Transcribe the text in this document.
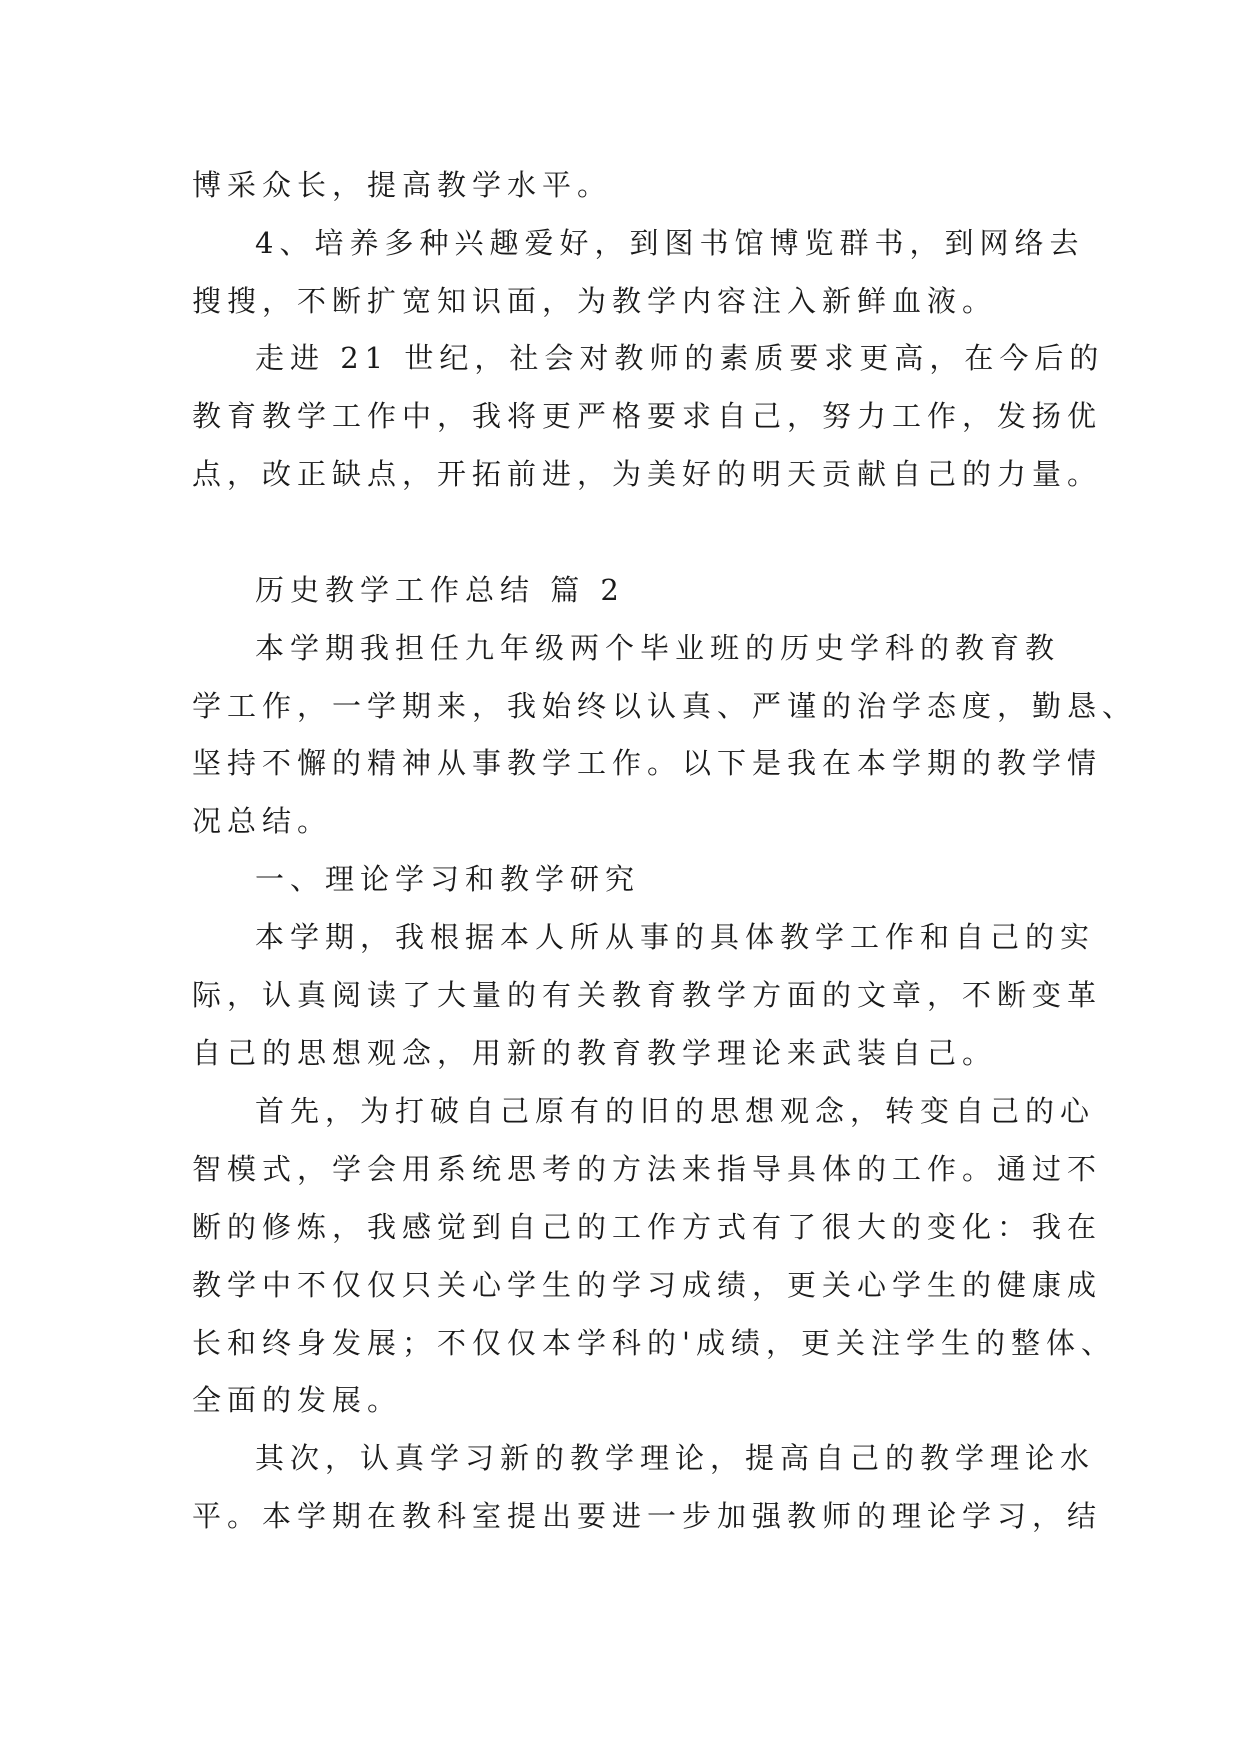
博采众长，提高教学水平。
4、培养多种兴趣爱好，到图书馆博览群书，到网络去
搜搜，不断扩宽知识面，为教学内容注入新鲜血液。
走进 21 世纪，社会对教师的素质要求更高，在今后的
教育教学工作中，我将更严格要求自己，努力工作，发扬优
点，改正缺点，开拓前进，为美好的明天贡献自己的力量。
历史教学工作总结 篇 2
本学期我担任九年级两个毕业班的历史学科的教育教
学工作，一学期来，我始终以认真、严谨的治学态度，勤恳、
坚持不懈的精神从事教学工作。以下是我在本学期的教学情
况总结。
一、理论学习和教学研究
本学期，我根据本人所从事的具体教学工作和自己的实
际，认真阅读了大量的有关教育教学方面的文章，不断变革
自己的思想观念，用新的教育教学理论来武装自己。
首先，为打破自己原有的旧的思想观念，转变自己的心
智模式，学会用系统思考的方法来指导具体的工作。通过不
断的修炼，我感觉到自己的工作方式有了很大的变化：我在
教学中不仅仅只关心学生的学习成绩，更关心学生的健康成
长和终身发展；不仅仅本学科的'成绩，更关注学生的整体、
全面的发展。
其次，认真学习新的教学理论，提高自己的教学理论水
平。本学期在教科室提出要进一步加强教师的理论学习，结
